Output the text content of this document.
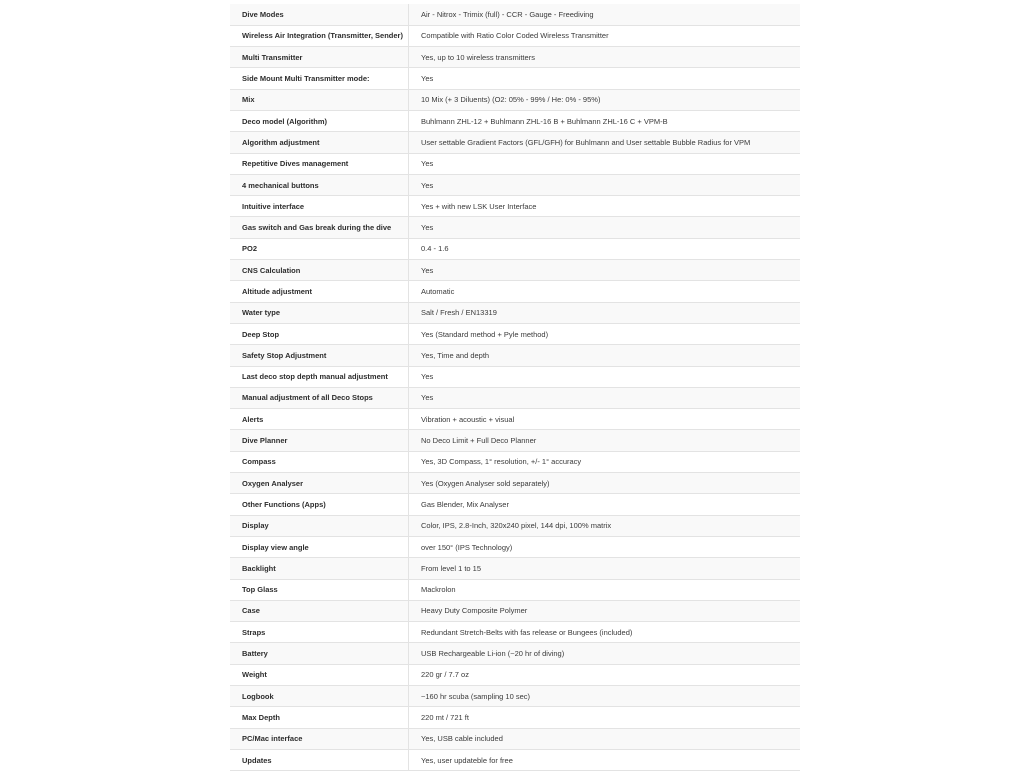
Dive Modes	Air - Nitrox - Trimix (full) - CCR - Gauge - Freediving
Wireless Air Integration (Transmitter, Sender)	Compatible with Ratio Color Coded Wireless Transmitter
Multi Transmitter	Yes, up to 10 wireless transmitters
Side Mount Multi Transmitter mode:	Yes
Mix	10 Mix (+ 3 Diluents) (O2: 05% - 99% / He: 0% - 95%)
Deco model (Algorithm)	Buhlmann ZHL-12 + Buhlmann ZHL-16 B + Buhlmann ZHL-16 C + VPM-B
Algorithm adjustment	User settable Gradient Factors (GFL/GFH) for Buhlmann and User settable Bubble Radius for VPM
Repetitive Dives management	Yes
4 mechanical buttons	Yes
Intuitive interface	Yes + with new LSK User Interface
Gas switch and Gas break during the dive	Yes
PO2	0.4 - 1.6
CNS Calculation	Yes
Altitude adjustment	Automatic
Water type	Salt / Fresh / EN13319
Deep Stop	Yes (Standard method + Pyle method)
Safety Stop Adjustment	Yes, Time and depth
Last deco stop depth manual adjustment	Yes
Manual adjustment of all Deco Stops	Yes
Alerts	Vibration + acoustic + visual
Dive Planner	No Deco Limit + Full Deco Planner
Compass	Yes, 3D Compass, 1° resolution, +/- 1° accuracy
Oxygen Analyser	Yes (Oxygen Analyser sold separately)
Other Functions (Apps)	Gas Blender, Mix Analyser
Display	Color, IPS, 2.8-Inch, 320x240 pixel, 144 dpi, 100% matrix
Display view angle	over 150° (IPS Technology)
Backlight	From level 1 to 15
Top Glass	Mackrolon
Case	Heavy Duty Composite Polymer
Straps	Redundant Stretch-Belts with fas release or Bungees (included)
Battery	USB Rechargeable Li-ion (~20 hr of diving)
Weight	220 gr / 7.7 oz
Logbook	~160 hr scuba (sampling 10 sec)
Max Depth	220 mt / 721 ft
PC/Mac interface	Yes, USB cable included
Updates	Yes, user updateble for free
